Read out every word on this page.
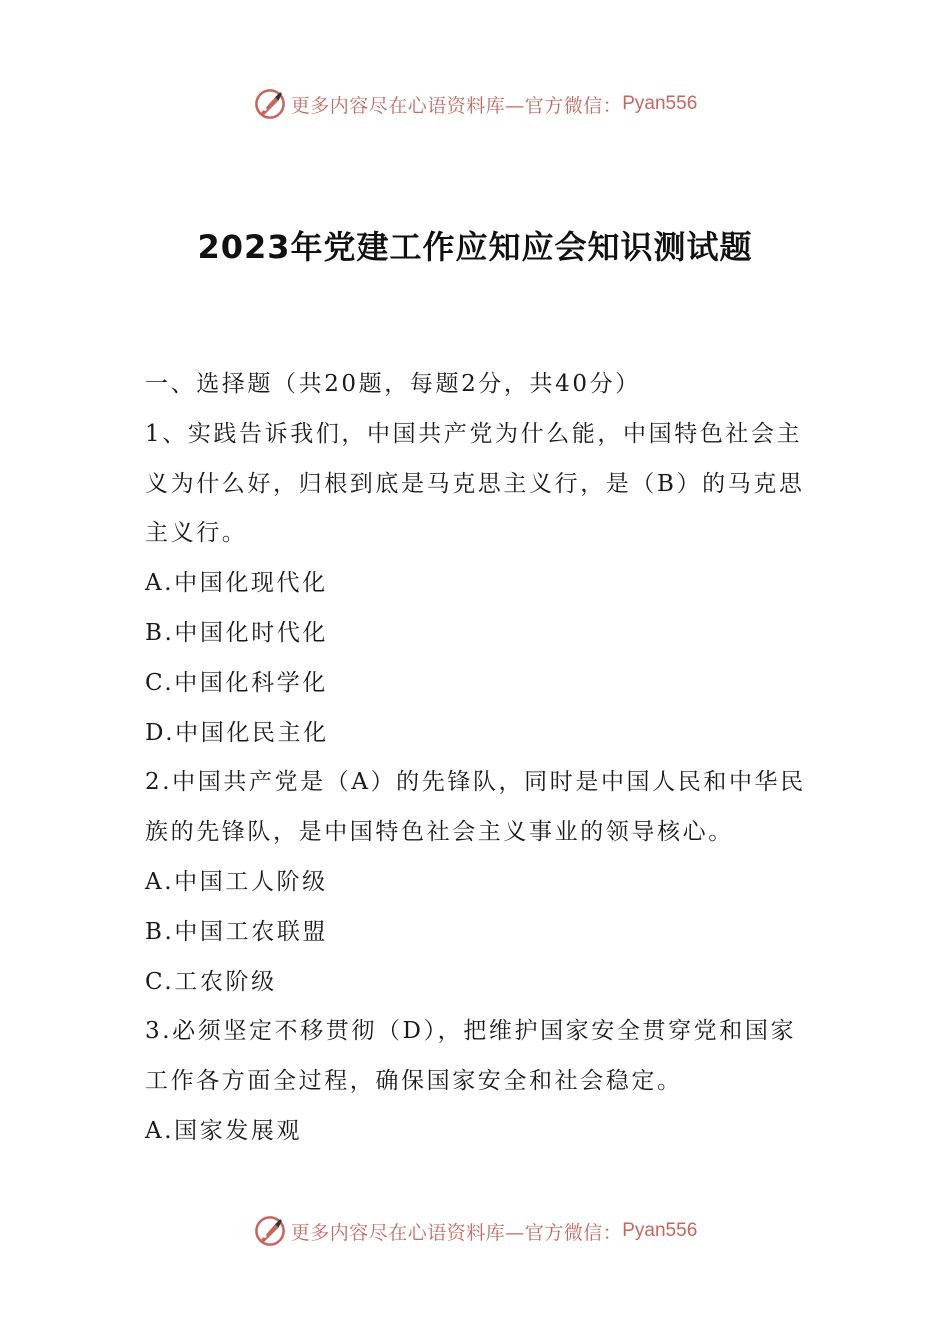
更多内容尽在心语资料库—官方微信： Pyan556
2023年党建工作应知应会知识测试题
一、选择题（共20题，每题2分，共40分）
1、实践告诉我们，中国共产党为什么能，中国特色社会主
义为什么好，归根到底是马克思主义行，是（B）的马克思
主义行。
A.中国化现代化
B.中国化时代化
C.中国化科学化
D.中国化民主化
2.中国共产党是（A）的先锋队，同时是中国人民和中华民
族的先锋队，是中国特色社会主义事业的领导核心。
A.中国工人阶级
B.中国工农联盟
C.工农阶级
3.必须坚定不移贯彻（D），把维护国家安全贯穿党和国家
工作各方面全过程，确保国家安全和社会稳定。
A.国家发展观
更多内容尽在心语资料库—官方微信： Pyan556
